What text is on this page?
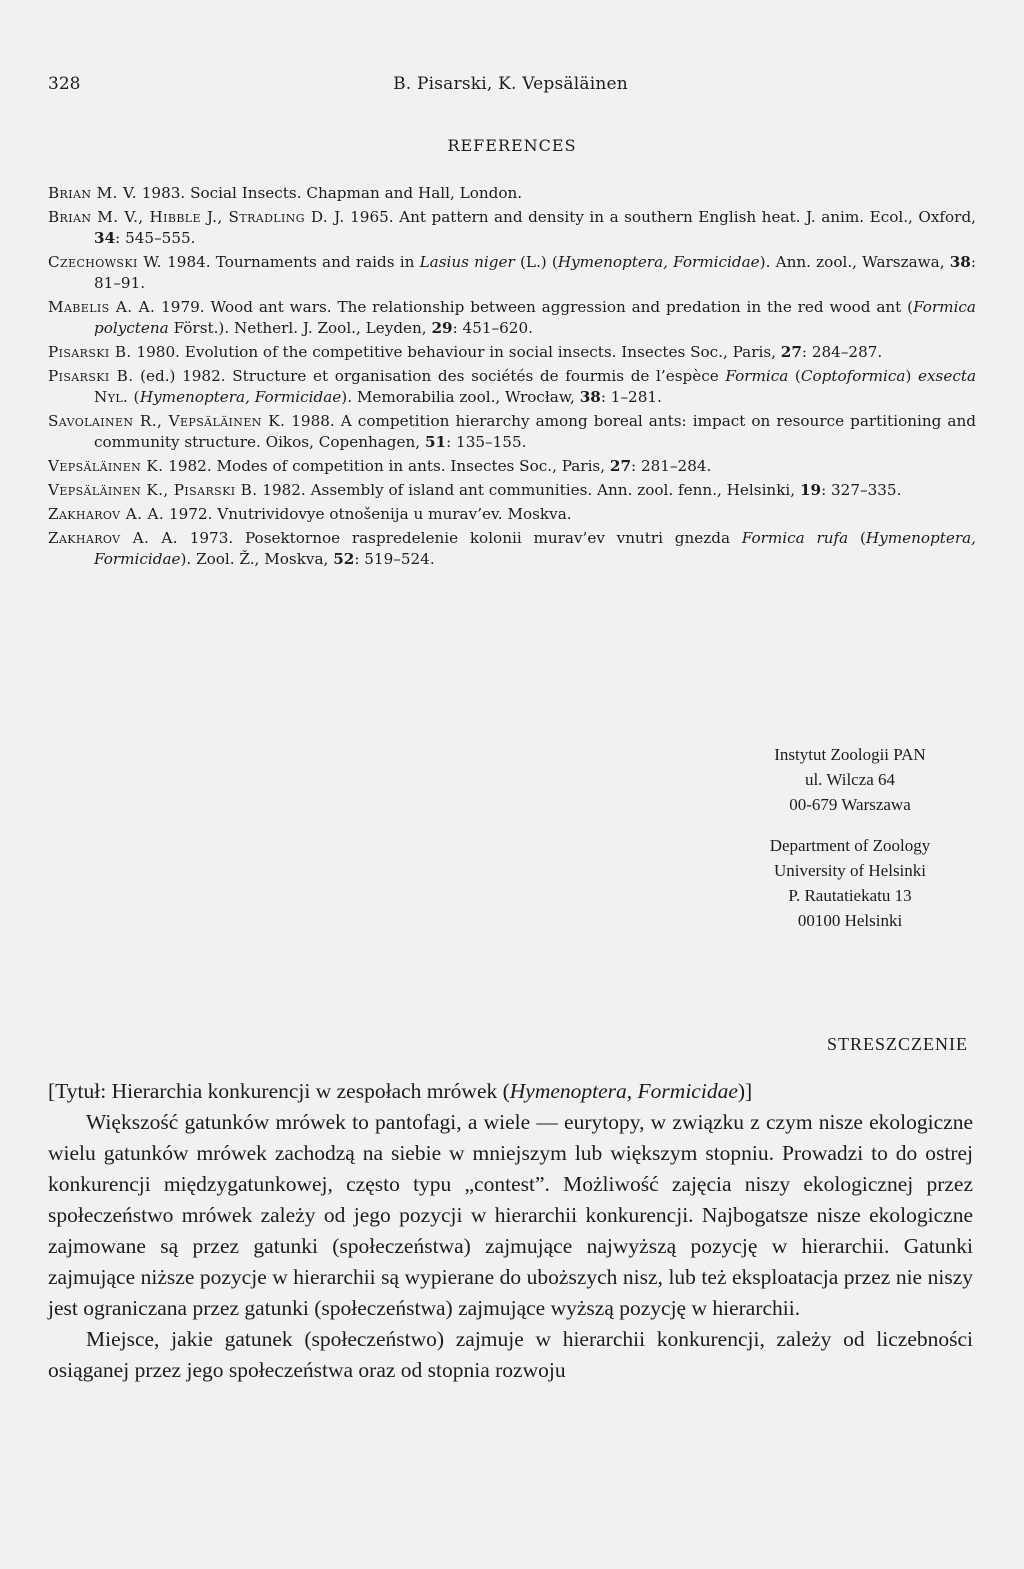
328	B. Pisarski, K. Vepsäläinen
REFERENCES

Brian M. V. 1983. Social Insects. Chapman and Hall, London.

Brian M. V., Hibble J., Stradling D. J. 1965. Ant pattern and density in a southern English heat. J. anim. Ecol., Oxford, 34: 545–555.

Czechowski W. 1984. Tournaments and raids in Lasius niger (L.) (Hymenoptera, Formicidae). Ann. zool., Warszawa, 38: 81–91.

Mabelis A. A. 1979. Wood ant wars. The relationship between aggression and predation in the red wood ant (Formica polyctena Först.). Netherl. J. Zool., Leyden, 29: 451–620.

Pisarski B. 1980. Evolution of the competitive behaviour in social insects. Insectes Soc., Paris, 27: 284–287.

Pisarski B. (ed.) 1982. Structure et organisation des sociétés de fourmis de l’espèce Formica (Coptoformica) exsecta Nyl. (Hymenoptera, Formicidae). Memorabilia zool., Wrocław, 38: 1–281.

Savolainen R., Vepsäläinen K. 1988. A competition hierarchy among boreal ants: impact on resource partitioning and community structure. Oikos, Copenhagen, 51: 135–155.

Vepsäläinen K. 1982. Modes of competition in ants. Insectes Soc., Paris, 27: 281–284.

Vepsäläinen K., Pisarski B. 1982. Assembly of island ant communities. Ann. zool. fenn., Helsinki, 19: 327–335.

Zakharov A. A. 1972. Vnutrividovye otnošenija u murav’ev. Moskva.

Zakharov A. A. 1973. Posektornoe raspredelenie kolonii murav’ev vnutri gnezda Formica rufa (Hymenoptera, Formicidae). Zool. Ž., Moskva, 52: 519–524.

Instytut Zoologii PAN
ul. Wilcza 64
00-679 Warszawa
Department of Zoology
University of Helsinki
P. Rautatiekatu 13
00100 Helsinki
STRESZCZENIE

[Tytuł: Hierarchia konkurencji w zespołach mrówek (Hymenoptera, Formicidae)]

Większość gatunków mrówek to pantofagi, a wiele — eurytopy, w związku z czym nisze ekologiczne wielu gatunków mrówek zachodzą na siebie w mniejszym lub większym stopniu. Prowadzi to do ostrej konkurencji międzygatunkowej, często typu „contest”. Możliwość zajęcia niszy ekologicznej przez społeczeństwo mrówek zależy od jego pozycji w hierarchii konkurencji. Najbogatsze nisze ekologiczne zajmowane są przez gatunki (społeczeństwa) zajmujące najwyższą pozycję w hierarchii. Gatunki zajmujące niższe pozycje w hierarchii są wypierane do uboższych nisz, lub też eksploatacja przez nie niszy jest ograniczana przez gatunki (społeczeństwa) zajmujące wyższą pozycję w hierarchii.

Miejsce, jakie gatunek (społeczeństwo) zajmuje w hierarchii konkurencji, zależy od liczebności osiąganej przez jego społeczeństwa oraz od stopnia rozwoju
